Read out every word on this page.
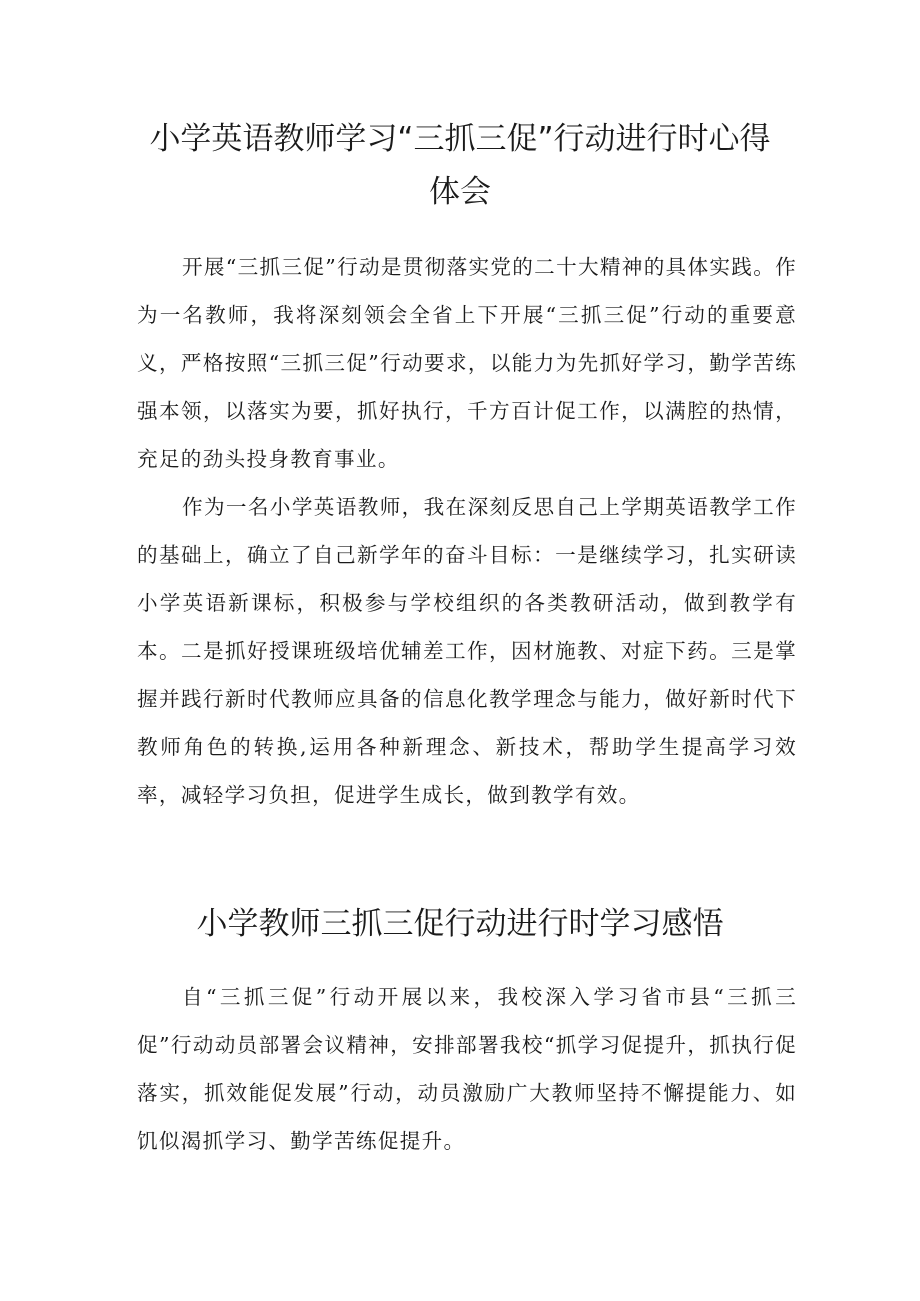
小学英语教师学习“三抓三促”行动进行时心得
体会

开展“三抓三促”行动是贯彻落实党的二十大精神的具体实践。作为一名教师，我将深刻领会全省上下开展“三抓三促”行动的重要意义，严格按照“三抓三促”行动要求，以能力为先抓好学习，勤学苦练强本领，以落实为要，抓好执行，千方百计促工作，以满腔的热情，充足的劲头投身教育事业。

作为一名小学英语教师，我在深刻反思自己上学期英语教学工作的基础上，确立了自己新学年的奋斗目标：一是继续学习，扎实研读小学英语新课标，积极参与学校组织的各类教研活动，做到教学有本。二是抓好授课班级培优辅差工作，因材施教、对症下药。三是掌握并践行新时代教师应具备的信息化教学理念与能力，做好新时代下教师角色的转换,运用各种新理念、新技术，帮助学生提高学习效率，减轻学习负担，促进学生成长，做到教学有效。

小学教师三抓三促行动进行时学习感悟

自“三抓三促”行动开展以来，我校深入学习省市县“三抓三促”行动动员部署会议精神，安排部署我校“抓学习促提升，抓执行促落实，抓效能促发展”行动，动员激励广大教师坚持不懈提能力、如饥似渴抓学习、勤学苦练促提升。
